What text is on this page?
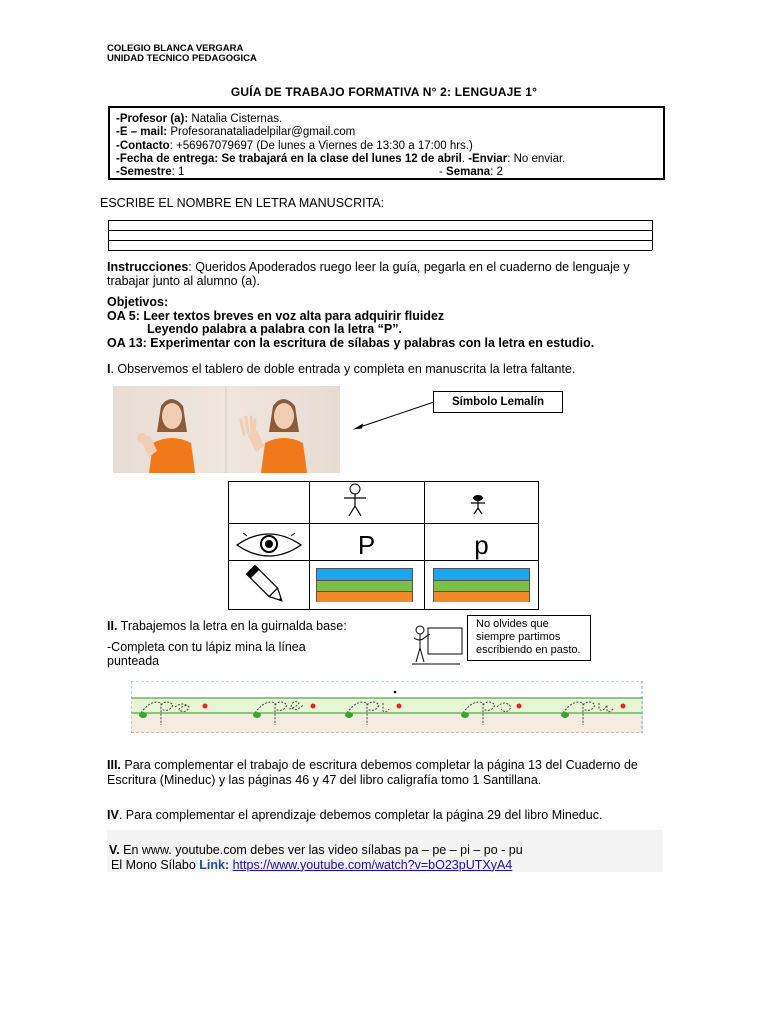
COLEGIO BLANCA VERGARA
UNIDAD TECNICO PEDAGOGICA
GUÍA DE TRABAJO FORMATIVA N° 2: LENGUAJE 1°
-Profesor (a): Natalia Cisternas.
-E – mail: Profesoranataliadelpilar@gmail.com
-Contacto: +56967079697 (De lunes a Viernes de 13:30 a 17:00 hrs.)
-Fecha de entrega: Se trabajará en la clase del lunes 12 de abril. -Enviar: No enviar.
-Semestre: 1	- Semana: 2
ESCRIBE EL NOMBRE EN LETRA MANUSCRITA:
Instrucciones: Queridos Apoderados ruego leer la guía, pegarla en el cuaderno de lenguaje y trabajar junto al alumno (a).
Objetivos:
OA 5: Leer textos breves en voz alta para adquirir fluidez
Leyendo palabra a palabra con la letra “P”.
OA 13: Experimentar con la escritura de sílabas y palabras con la letra en estudio.
I. Observemos el tablero de doble entrada y completa en manuscrita la letra faltante.
Símbolo Lemalín
P	p
II. Trabajemos la letra en la guirnalda base:
-Completa con tu lápiz mina la línea punteada
No olvides que siempre partimos escribiendo en pasto.
III. Para complementar el trabajo de escritura debemos completar la página 13 del Cuaderno de Escritura (Mineduc) y las páginas 46 y 47 del libro caligrafía tomo 1 Santillana.
IV. Para complementar el aprendizaje debemos completar la página 29 del libro Mineduc.
V. En www. youtube.com debes ver las video sílabas pa – pe – pi – po - pu
El Mono Sílabo Link: https://www.youtube.com/watch?v=bO23pUTXyA4
